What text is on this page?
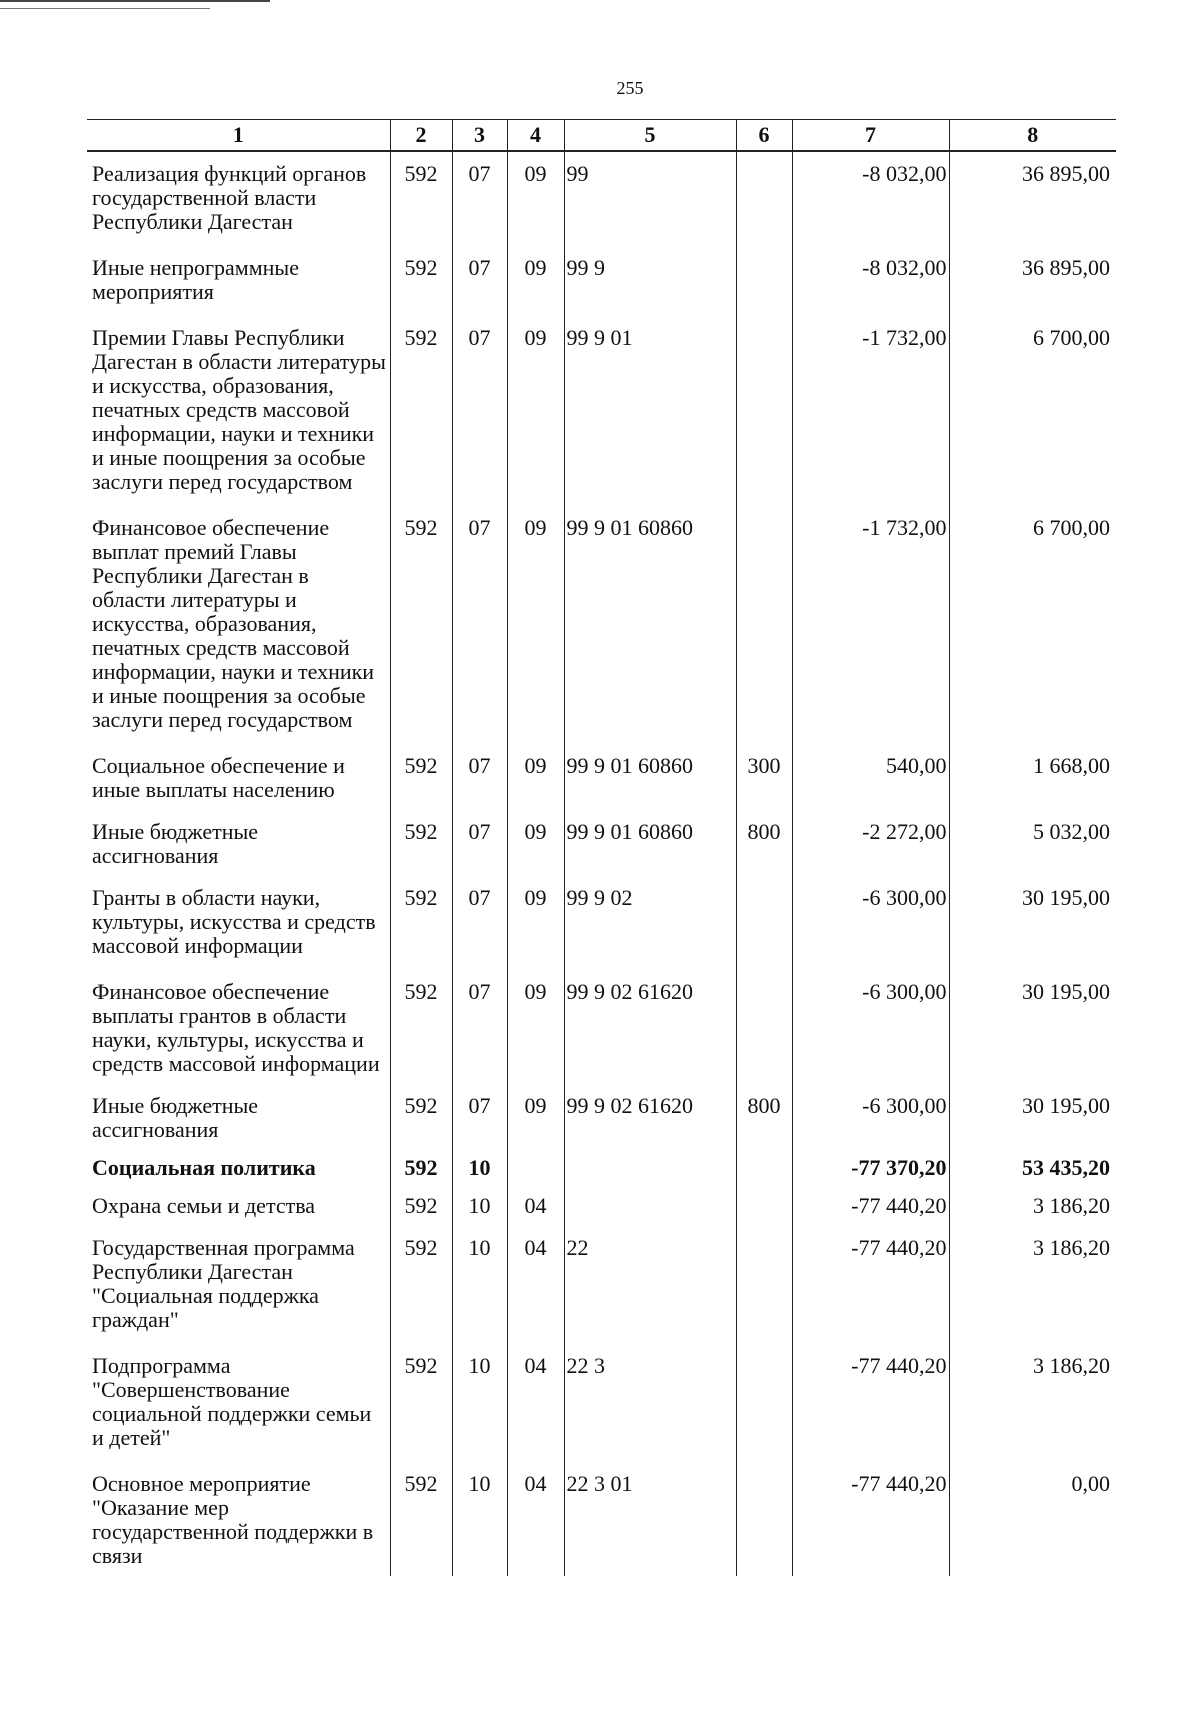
255
1	2	3	4	5	6	7	8
Реализация функций органов государственной власти Республики Дагестан	592	07	09	99		-8 032,00	36 895,00
Иные непрограммные мероприятия	592	07	09	99 9		-8 032,00	36 895,00
Премии Главы Республики Дагестан в области литературы и искусства, образования, печатных средств массовой информации, науки и техники и иные поощрения за особые заслуги перед государством	592	07	09	99 9 01		-1 732,00	6 700,00
Финансовое обеспечение выплат премий Главы Республики Дагестан в области литературы и искусства, образования, печатных средств массовой информации, науки и техники и иные поощрения за особые заслуги перед государством	592	07	09	99 9 01 60860		-1 732,00	6 700,00
Социальное обеспечение и иные выплаты населению	592	07	09	99 9 01 60860	300	540,00	1 668,00
Иные бюджетные ассигнования	592	07	09	99 9 01 60860	800	-2 272,00	5 032,00
Гранты в области науки, культуры, искусства и средств массовой информации	592	07	09	99 9 02		-6 300,00	30 195,00
Финансовое обеспечение выплаты грантов в области науки, культуры, искусства и средств массовой информации	592	07	09	99 9 02 61620		-6 300,00	30 195,00
Иные бюджетные ассигнования	592	07	09	99 9 02 61620	800	-6 300,00	30 195,00
Социальная политика	592	10				-77 370,20	53 435,20
Охрана семьи и детства	592	10	04			-77 440,20	3 186,20
Государственная программа Республики Дагестан "Социальная поддержка граждан"	592	10	04	22		-77 440,20	3 186,20
Подпрограмма "Совершенствование социальной поддержки семьи и детей"	592	10	04	22 3		-77 440,20	3 186,20
Основное мероприятие "Оказание мер государственной поддержки в связи	592	10	04	22 3 01		-77 440,20	0,00
